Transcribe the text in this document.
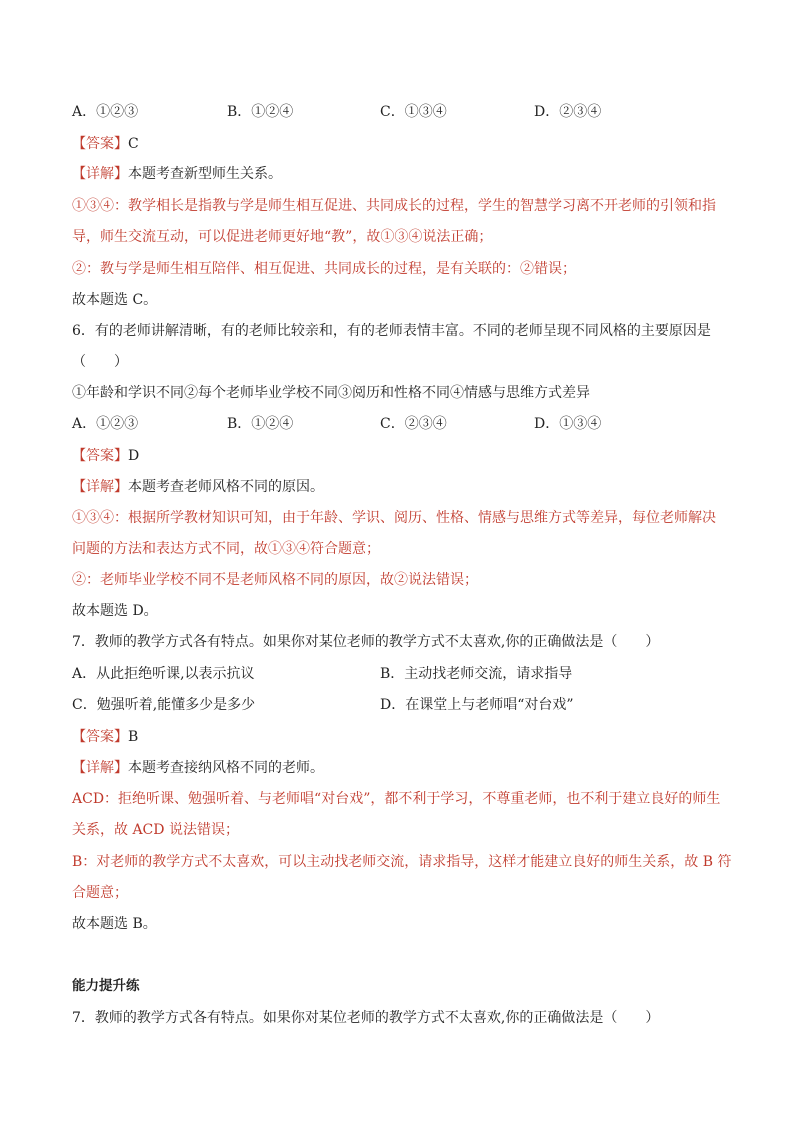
A．①②③	B．①②④	C．①③④	D．②③④
【答案】C
【详解】本题考查新型师生关系。
①③④：教学相长是指教与学是师生相互促进、共同成长的过程，学生的智慧学习离不开老师的引领和指
导，师生交流互动，可以促进老师更好地“教”，故①③④说法正确；
②：教与学是师生相互陪伴、相互促进、共同成长的过程，是有关联的：②错误；
故本题选 C。
6．有的老师讲解清晰，有的老师比较亲和，有的老师表情丰富。不同的老师呈现不同风格的主要原因是
（　　）
①年龄和学识不同②每个老师毕业学校不同③阅历和性格不同④情感与思维方式差异
A．①②③	B．①②④	C．②③④	D．①③④
【答案】D
【详解】本题考查老师风格不同的原因。
①③④：根据所学教材知识可知，由于年龄、学识、阅历、性格、情感与思维方式等差异，每位老师解决
问题的方法和表达方式不同，故①③④符合题意；
②：老师毕业学校不同不是老师风格不同的原因，故②说法错误；
故本题选 D。
7．教师的教学方式各有特点。如果你对某位老师的教学方式不太喜欢,你的正确做法是（　　）
A．从此拒绝听课,以表示抗议	B．主动找老师交流，请求指导
C．勉强听着,能懂多少是多少	D．在课堂上与老师唱“对台戏”
【答案】B
【详解】本题考查接纳风格不同的老师。
ACD：拒绝听课、勉强听着、与老师唱“对台戏”，都不利于学习，不尊重老师，也不利于建立良好的师生
关系，故 ACD 说法错误；
B：对老师的教学方式不太喜欢，可以主动找老师交流，请求指导，这样才能建立良好的师生关系，故 B 符
合题意；
故本题选 B。
能力提升练
7．教师的教学方式各有特点。如果你对某位老师的教学方式不太喜欢,你的正确做法是（　　）
